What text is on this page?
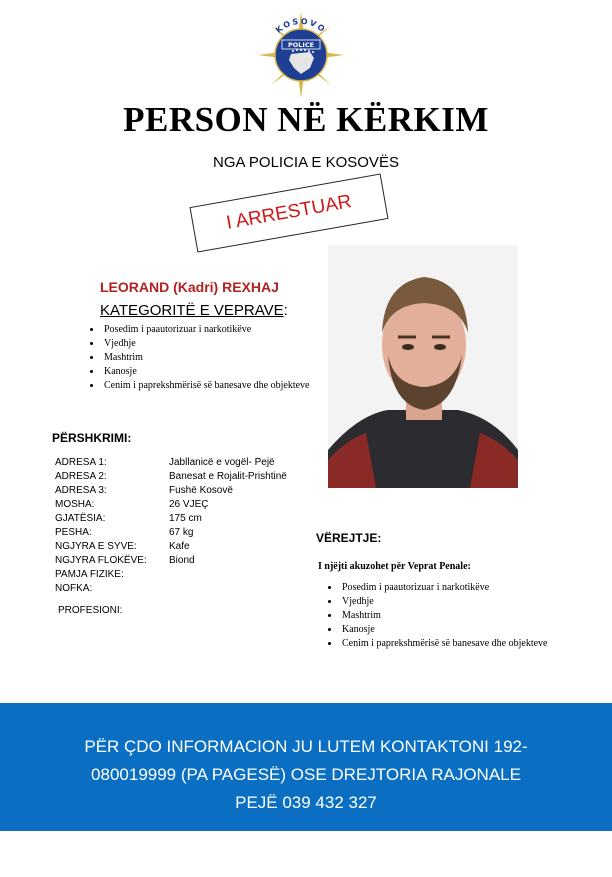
KOSOVO
POLICE
PERSON NË KËRKIM
NGA POLICIA E KOSOVËS
I ARRESTUAR
LEORAND (Kadri) REXHAJ
KATEGORITË E VEPRAVE:
• Posedim i paautorizuar i narkotikëve
• Vjedhje
• Mashtrim
• Kanosje
• Cenim i paprekshmërisë së banesave dhe objekteve
PËRSHKRIMI:
ADRESA 1:	Jabllanicë e vogël- Pejë
ADRESA 2:	Banesat e Rojalit-Prishtinë
ADRESA 3:	Fushë Kosovë
MOSHA:	26 VJEÇ
GJATËSIA:	175 cm
PESHA:	67 kg
NGJYRA E SYVE:	Kafe
NGJYRA FLOKËVE:	Biond
PAMJA FIZIKE:	
NOFKA:	
PROFESIONI:
VËREJTJE:
I njëjti akuzohet për Veprat Penale:
• Posedim i paautorizuar i narkotikëve
• Vjedhje
• Mashtrim
• Kanosje
• Cenim i paprekshmërisë së banesave dhe objekteve
PËR ÇDO INFORMACION JU LUTEM KONTAKTONI 192-
080019999 (PA PAGESË) OSE DREJTORIA RAJONALE
PEJË 039 432 327
